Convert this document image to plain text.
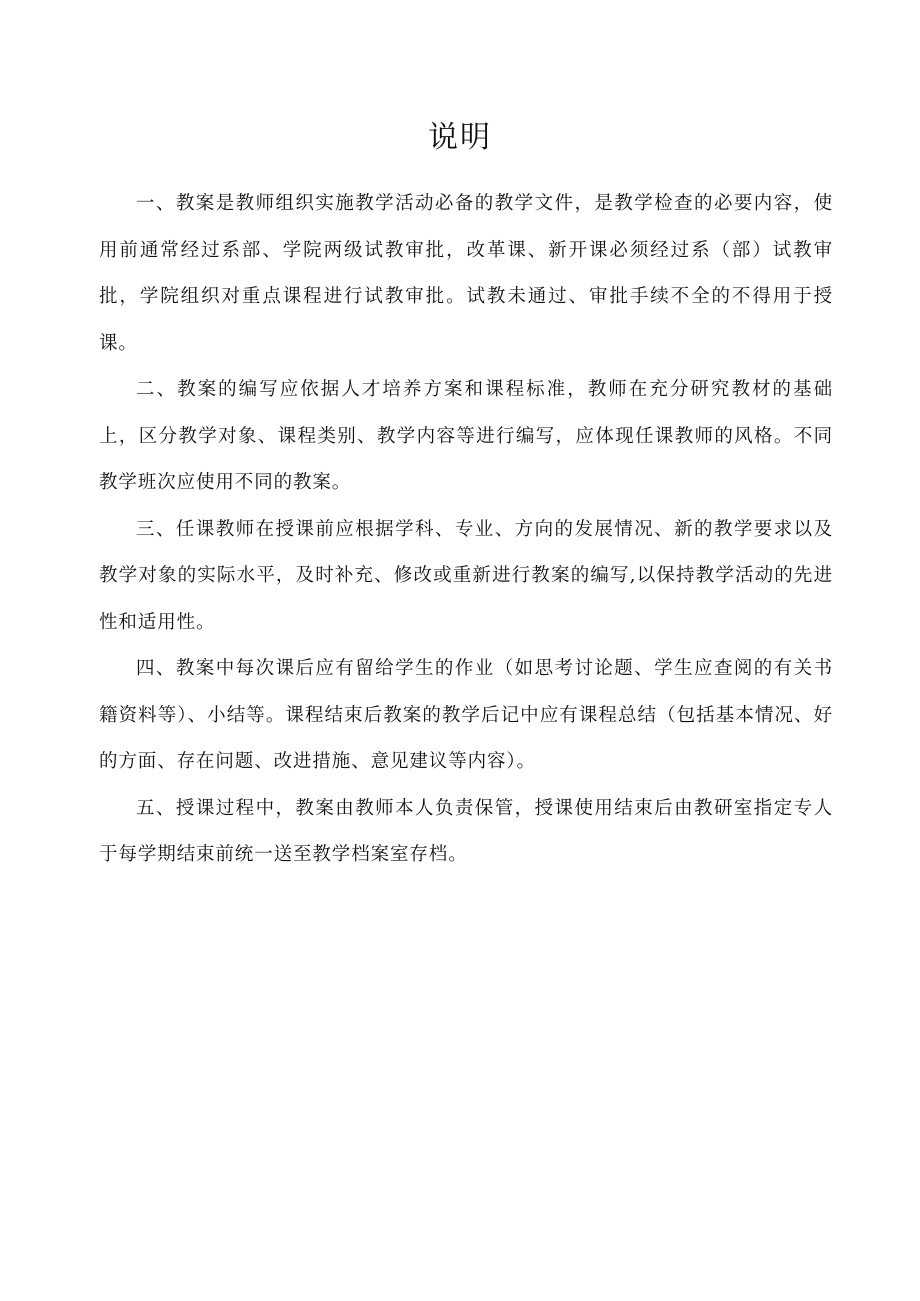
说明

一、教案是教师组织实施教学活动必备的教学文件，是教学检查的必要内容，使用前通常经过系部、学院两级试教审批，改革课、新开课必须经过系（部）试教审批，学院组织对重点课程进行试教审批。试教未通过、审批手续不全的不得用于授课。

二、教案的编写应依据人才培养方案和课程标准，教师在充分研究教材的基础上，区分教学对象、课程类别、教学内容等进行编写，应体现任课教师的风格。不同教学班次应使用不同的教案。

三、任课教师在授课前应根据学科、专业、方向的发展情况、新的教学要求以及教学对象的实际水平，及时补充、修改或重新进行教案的编写,以保持教学活动的先进性和适用性。

四、教案中每次课后应有留给学生的作业（如思考讨论题、学生应查阅的有关书籍资料等）、小结等。课程结束后教案的教学后记中应有课程总结（包括基本情况、好的方面、存在问题、改进措施、意见建议等内容）。

五、授课过程中，教案由教师本人负责保管，授课使用结束后由教研室指定专人于每学期结束前统一送至教学档案室存档。
